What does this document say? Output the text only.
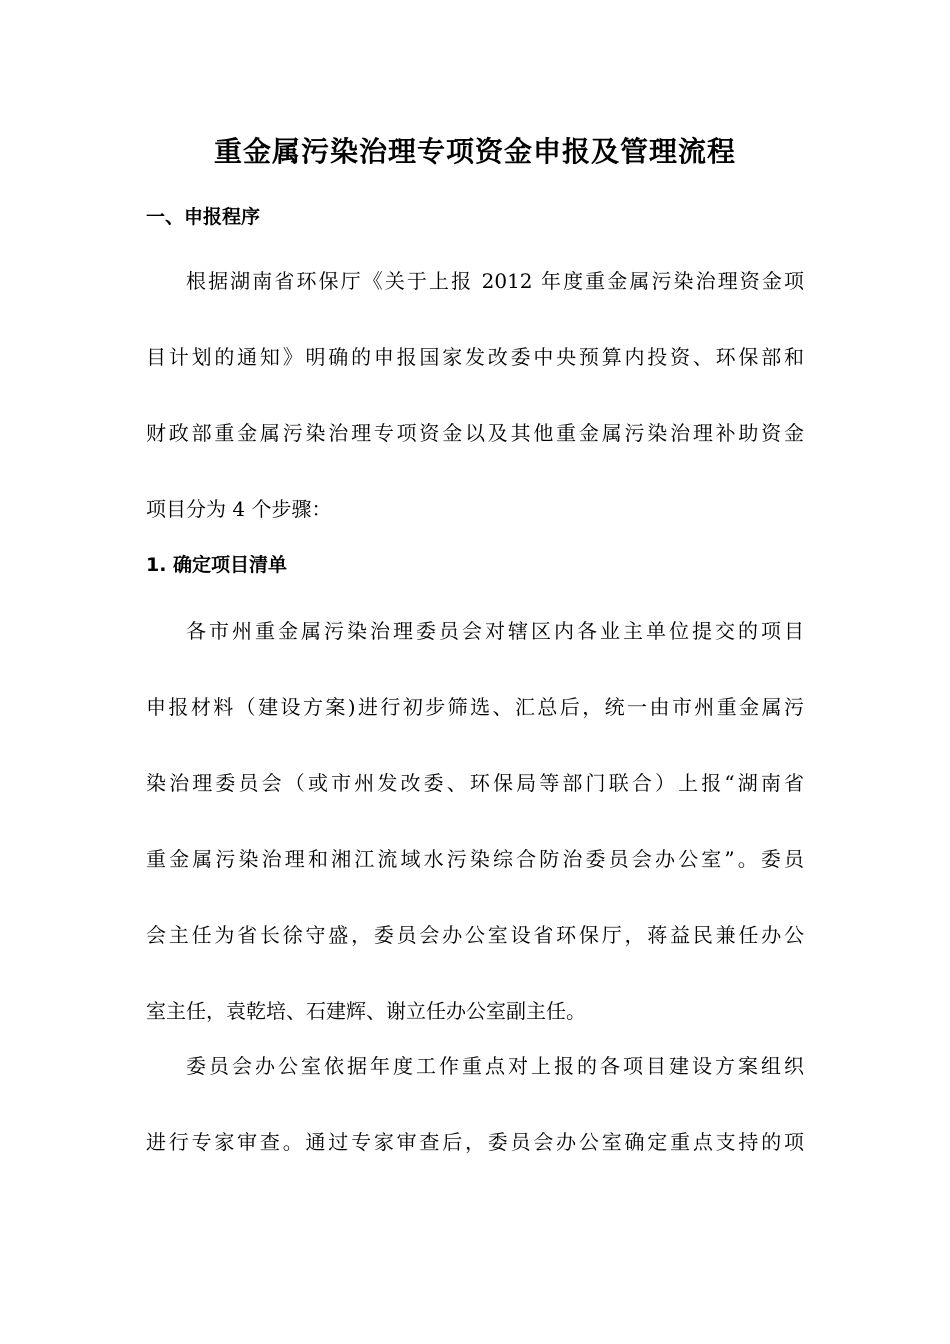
重金属污染治理专项资金申报及管理流程
一、申报程序
根据湖南省环保厅《关于上报 2012 年度重金属污染治理资金项
目计划的通知》明确的申报国家发改委中央预算内投资、环保部和
财政部重金属污染治理专项资金以及其他重金属污染治理补助资金
项目分为 4 个步骤：
1. 确定项目清单
各市州重金属污染治理委员会对辖区内各业主单位提交的项目
申报材料（建设方案)进行初步筛选、汇总后，统一由市州重金属污
染治理委员会（或市州发改委、环保局等部门联合）上报“湖南省
重金属污染治理和湘江流域水污染综合防治委员会办公室”。委员
会主任为省长徐守盛，委员会办公室设省环保厅，蒋益民兼任办公
室主任，袁乾培、石建辉、谢立任办公室副主任。
委员会办公室依据年度工作重点对上报的各项目建设方案组织
进行专家审查。通过专家审查后，委员会办公室确定重点支持的项
